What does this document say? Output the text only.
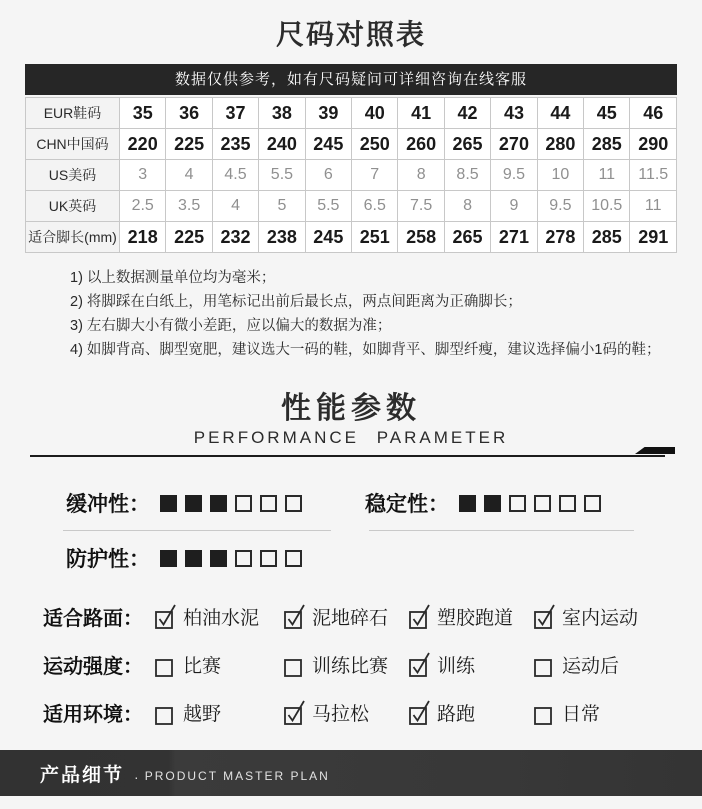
尺码对照表
数据仅供参考，如有尺码疑问可详细咨询在线客服
EUR鞋码	35	36	37	38	39	40	41	42	43	44	45	46
CHN中国码	220	225	235	240	245	250	260	265	270	280	285	290
US美码	3	4	4.5	5.5	6	7	8	8.5	9.5	10	11	11.5
UK英码	2.5	3.5	4	5	5.5	6.5	7.5	8	9	9.5	10.5	11
适合脚长(mm)	218	225	232	238	245	251	258	265	271	278	285	291
1) 以上数据测量单位均为毫米；
2) 将脚踩在白纸上，用笔标记出前后最长点，两点间距离为正确脚长；
3) 左右脚大小有微小差距，应以偏大的数据为准；
4) 如脚背高、脚型宽肥，建议选大一码的鞋，如脚背平、脚型纤瘦，建议选择偏小1码的鞋；
性能参数
PERFORMANCE PARAMETER
缓冲性：
防护性：
稳定性：
适合路面：	柏油水泥	泥地碎石	塑胶跑道	室内运动
运动强度：	比赛	训练比赛	训练	运动后
适用环境：	越野	马拉松	路跑	日常
产品细节 · PRODUCT MASTER PLAN
